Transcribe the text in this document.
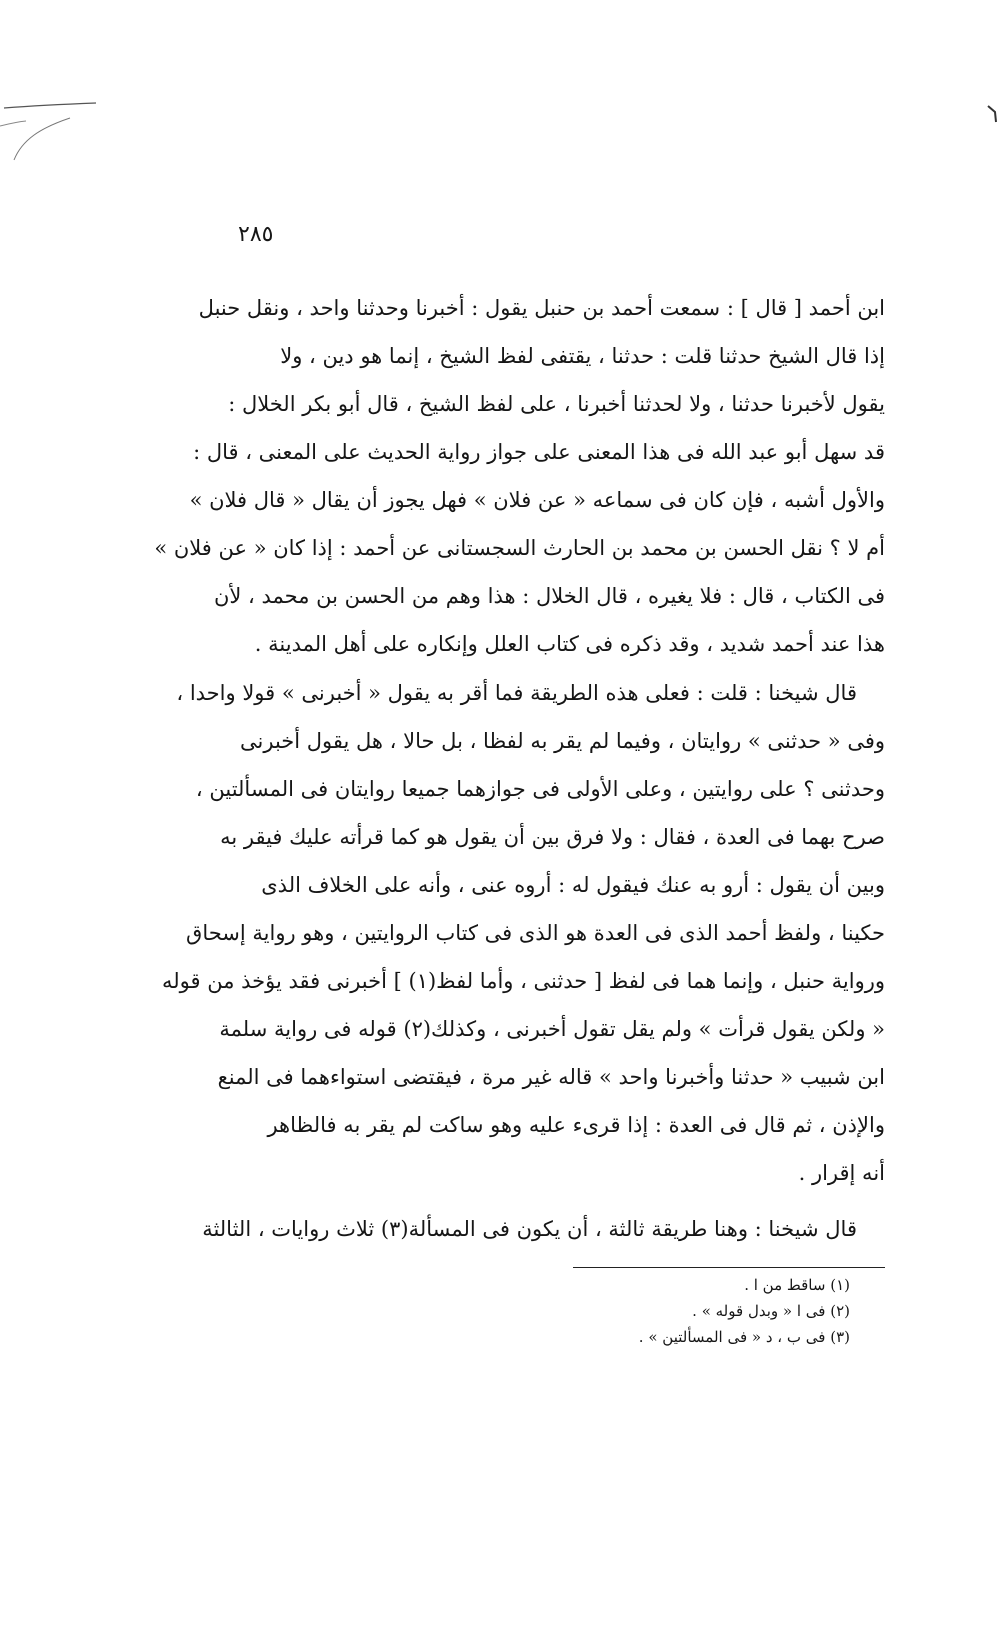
٢٨٥
ابن أحمد [ قال ] : سمعت أحمد بن حنبل يقول : أخبرنا وحدثنا واحد ، ونقل حنبل
إذا قال الشيخ حدثنا قلت : حدثنا ، يقتفى لفظ الشيخ ، إنما هو دين ، ولا
يقول لأخبرنا حدثنا ، ولا لحدثنا أخبرنا ، على لفظ الشيخ ، قال أبو بكر الخلال :
قد سهل أبو عبد الله فى هذا المعنى على جواز رواية الحديث على المعنى ، قال :
والأول أشبه ، فإن كان فى سماعه « عن فلان » فهل يجوز أن يقال « قال فلان »
أم لا ؟ نقل الحسن بن محمد بن الحارث السجستانى عن أحمد : إذا كان « عن فلان »
فى الكتاب ، قال : فلا يغيره ، قال الخلال : هذا وهم من الحسن بن محمد ، لأن
هذا عند أحمد شديد ، وقد ذكره فى كتاب العلل وإنكاره على أهل المدينة .
قال شيخنا : قلت : فعلى هذه الطريقة فما أقر به يقول « أخبرنى » قولا واحدا ،
وفى « حدثنى » روايتان ، وفيما لم يقر به لفظا ، بل حالا ، هل يقول أخبرنى
وحدثنى ؟ على روايتين ، وعلى الأولى فى جوازهما جميعا روايتان فى المسألتين ،
صرح بهما فى العدة ، فقال : ولا فرق بين أن يقول هو كما قرأته عليك فيقر به
وبين أن يقول : أرو به عنك فيقول له : أروه عنى ، وأنه على الخلاف الذى
حكينا ، ولفظ أحمد الذى فى العدة هو الذى فى كتاب الروايتين ، وهو رواية إسحاق
ورواية حنبل ، وإنما هما فى لفظ [ حدثنى ، وأما لفظ(١) ] أخبرنى فقد يؤخذ من قوله
« ولكن يقول قرأت » ولم يقل تقول أخبرنى ، وكذلك(٢) قوله فى رواية سلمة
ابن شبيب « حدثنا وأخبرنا واحد » قاله غير مرة ، فيقتضى استواءهما فى المنع
والإذن ، ثم قال فى العدة : إذا قرىء عليه وهو ساكت لم يقر به فالظاهر
أنه إقرار .
قال شيخنا : وهنا طريقة ثالثة ، أن يكون فى المسألة(٣) ثلاث روايات ، الثالثة
(١) ساقط من ا .
(٢) فى ا « وبدل قوله » .
(٣) فى ب ، د « فى المسألتين » .
